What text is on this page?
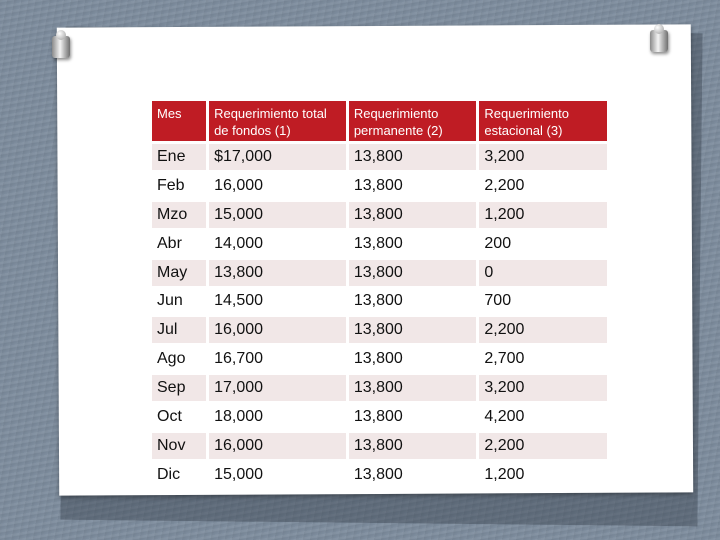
Mes	Requerimiento total de fondos (1)	Requerimiento permanente (2)	Requerimiento estacional (3)
Ene	$17,000	13,800	3,200
Feb	16,000	13,800	2,200
Mzo	15,000	13,800	1,200
Abr	14,000	13,800	200
May	13,800	13,800	0
Jun	14,500	13,800	700
Jul	16,000	13,800	2,200
Ago	16,700	13,800	2,700
Sep	17,000	13,800	3,200
Oct	18,000	13,800	4,200
Nov	16,000	13,800	2,200
Dic	15,000	13,800	1,200
